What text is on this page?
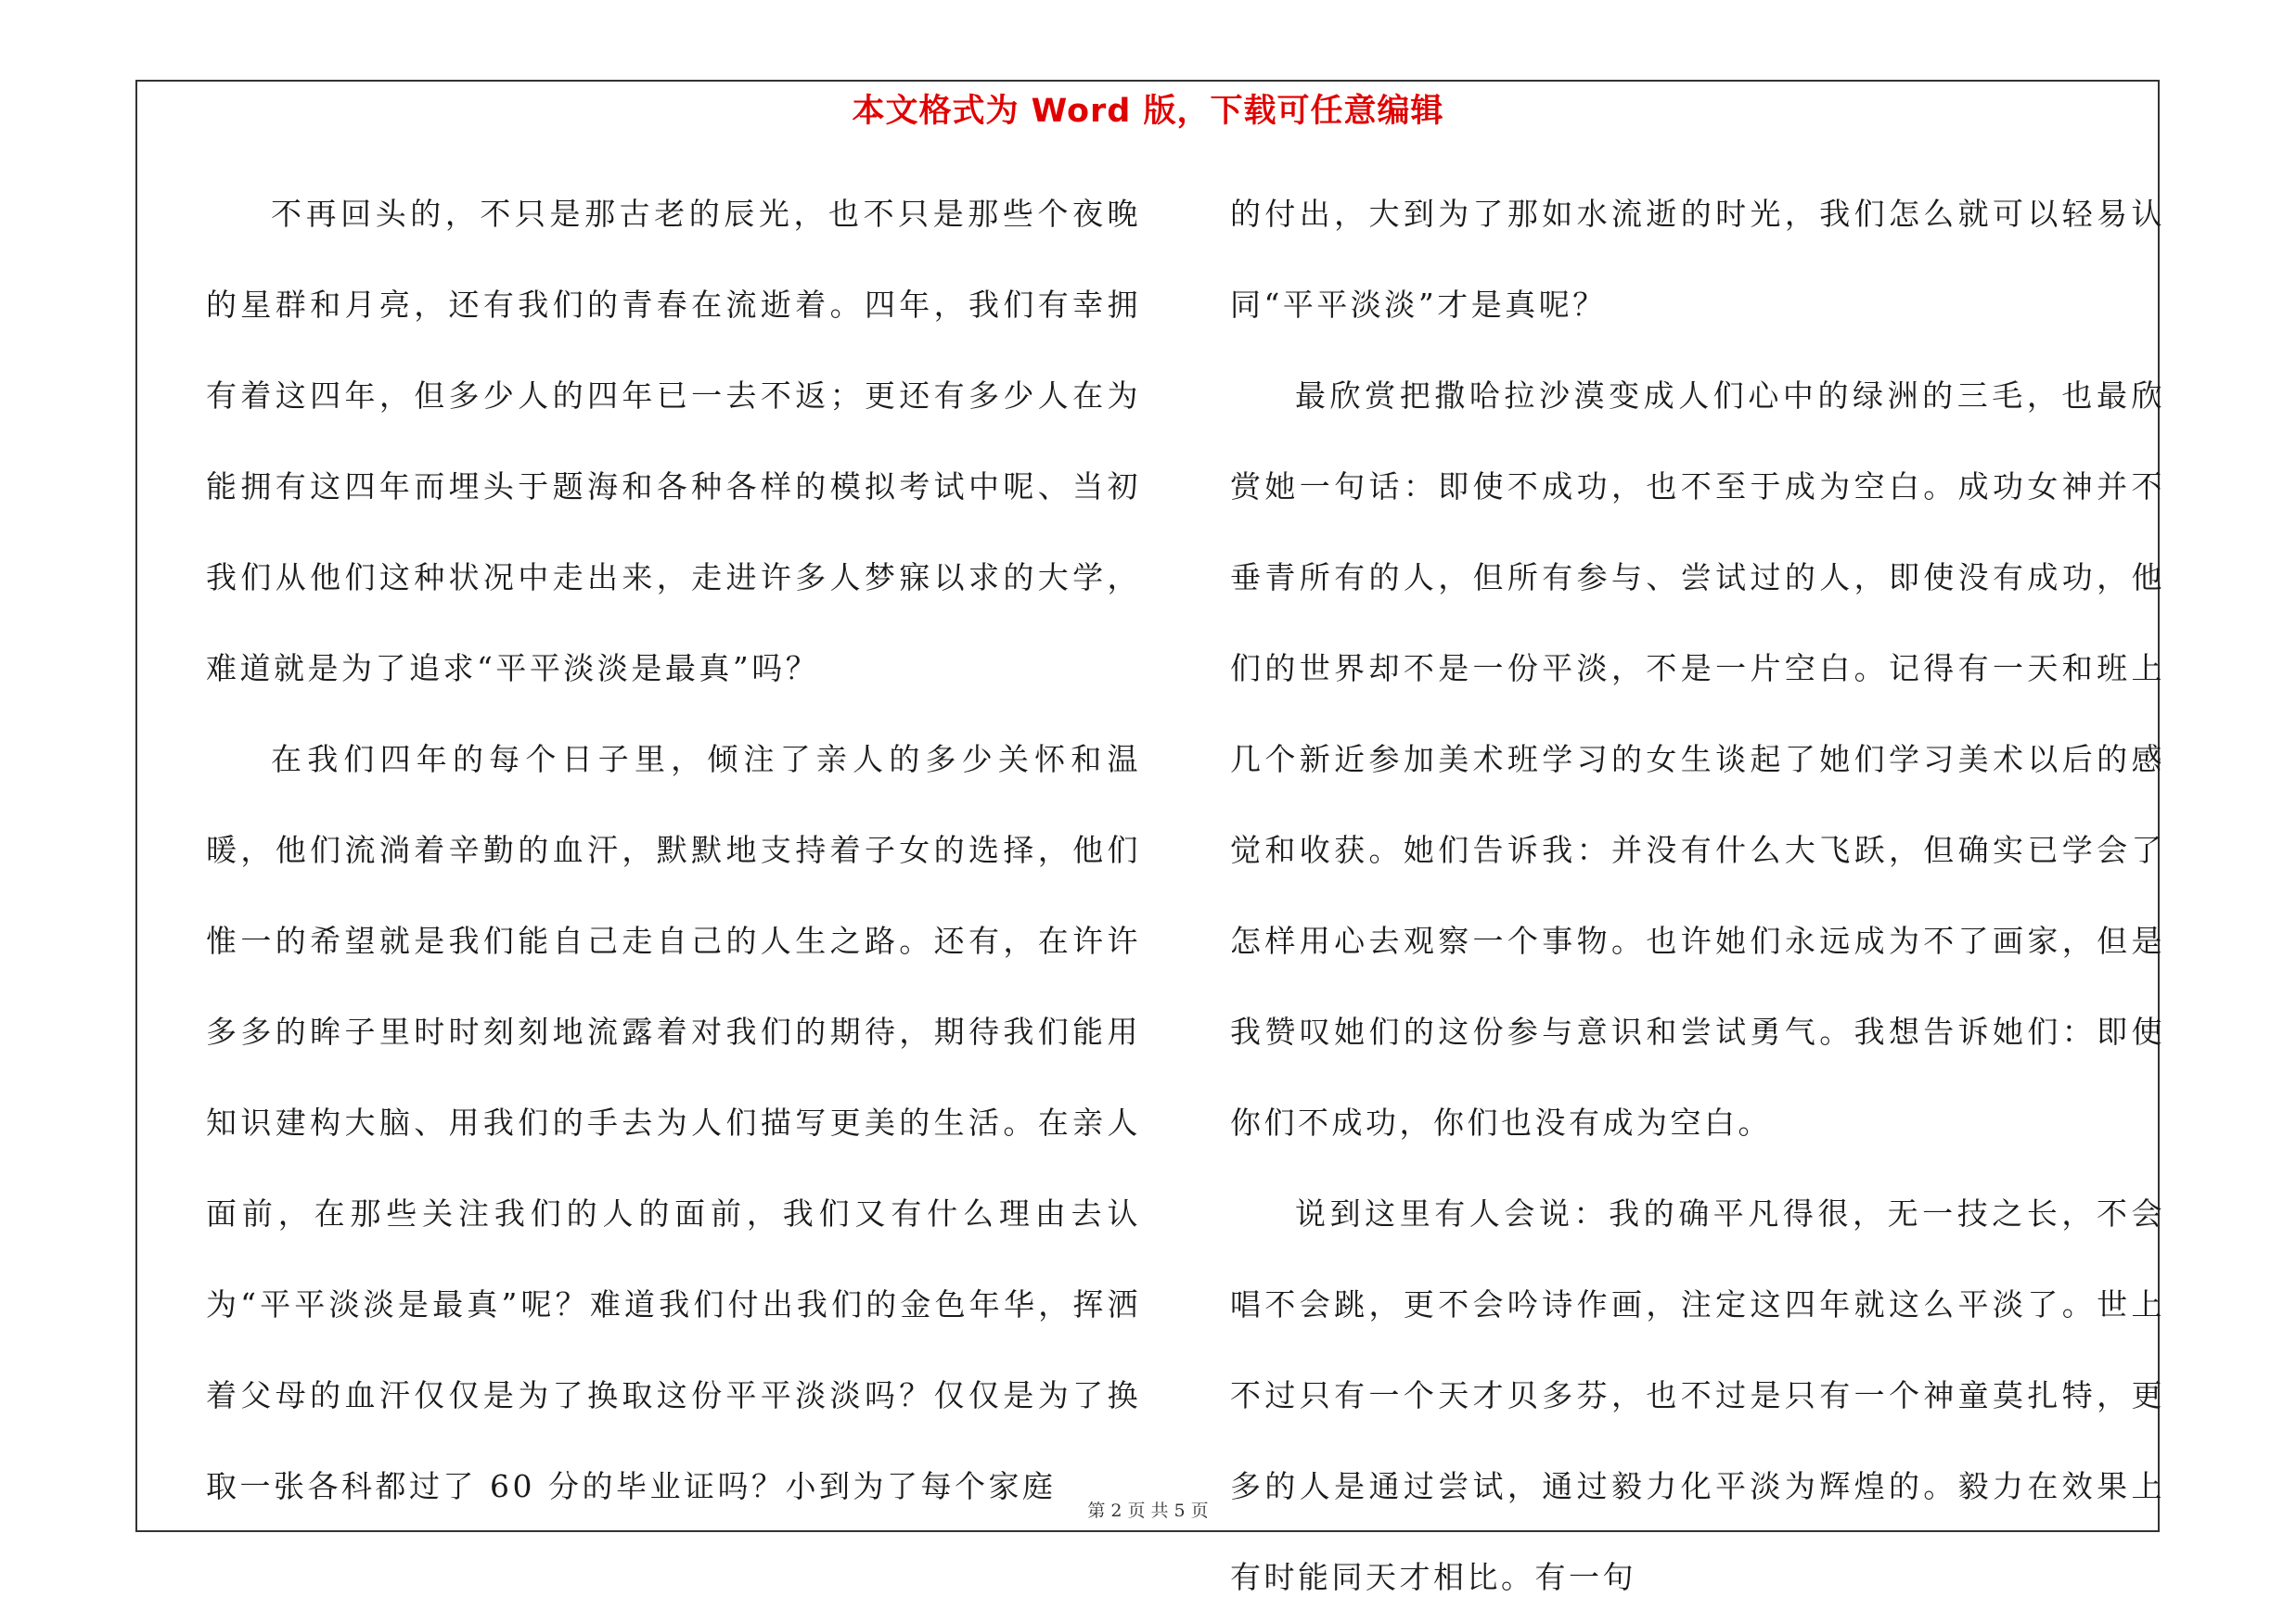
本文格式为 Word 版，下载可任意编辑

不再回头的，不只是那古老的辰光，也不只是那些个夜晚的星群和月亮，还有我们的青春在流逝着。四年，我们有幸拥有着这四年，但多少人的四年已一去不返；更还有多少人在为能拥有这四年而埋头于题海和各种各样的模拟考试中呢、当初我们从他们这种状况中走出来，走进许多人梦寐以求的大学，难道就是为了追求“平平淡淡是最真”吗？

在我们四年的每个日子里，倾注了亲人的多少关怀和温暖，他们流淌着辛勤的血汗，默默地支持着子女的选择，他们惟一的希望就是我们能自己走自己的人生之路。还有，在许许多多的眸子里时时刻刻地流露着对我们的期待，期待我们能用知识建构大脑、用我们的手去为人们描写更美的生活。在亲人面前，在那些关注我们的人的面前，我们又有什么理由去认为“平平淡淡是最真”呢？难道我们付出我们的金色年华，挥洒着父母的血汗仅仅是为了换取这份平平淡淡吗？仅仅是为了换取一张各科都过了 60 分的毕业证吗？小到为了每个家庭

的付出，大到为了那如水流逝的时光，我们怎么就可以轻易认同“平平淡淡”才是真呢？

最欣赏把撒哈拉沙漠变成人们心中的绿洲的三毛，也最欣赏她一句话：即使不成功，也不至于成为空白。成功女神并不垂青所有的人，但所有参与、尝试过的人，即使没有成功，他们的世界却不是一份平淡，不是一片空白。记得有一天和班上几个新近参加美术班学习的女生谈起了她们学习美术以后的感觉和收获。她们告诉我：并没有什么大飞跃，但确实已学会了怎样用心去观察一个事物。也许她们永远成为不了画家，但是我赞叹她们的这份参与意识和尝试勇气。我想告诉她们：即使你们不成功，你们也没有成为空白。

说到这里有人会说：我的确平凡得很，无一技之长，不会唱不会跳，更不会吟诗作画，注定这四年就这么平淡了。世上不过只有一个天才贝多芬，也不过是只有一个神童莫扎特，更多的人是通过尝试，通过毅力化平淡为辉煌的。毅力在效果上有时能同天才相比。有一句

第 2 页 共 5 页
